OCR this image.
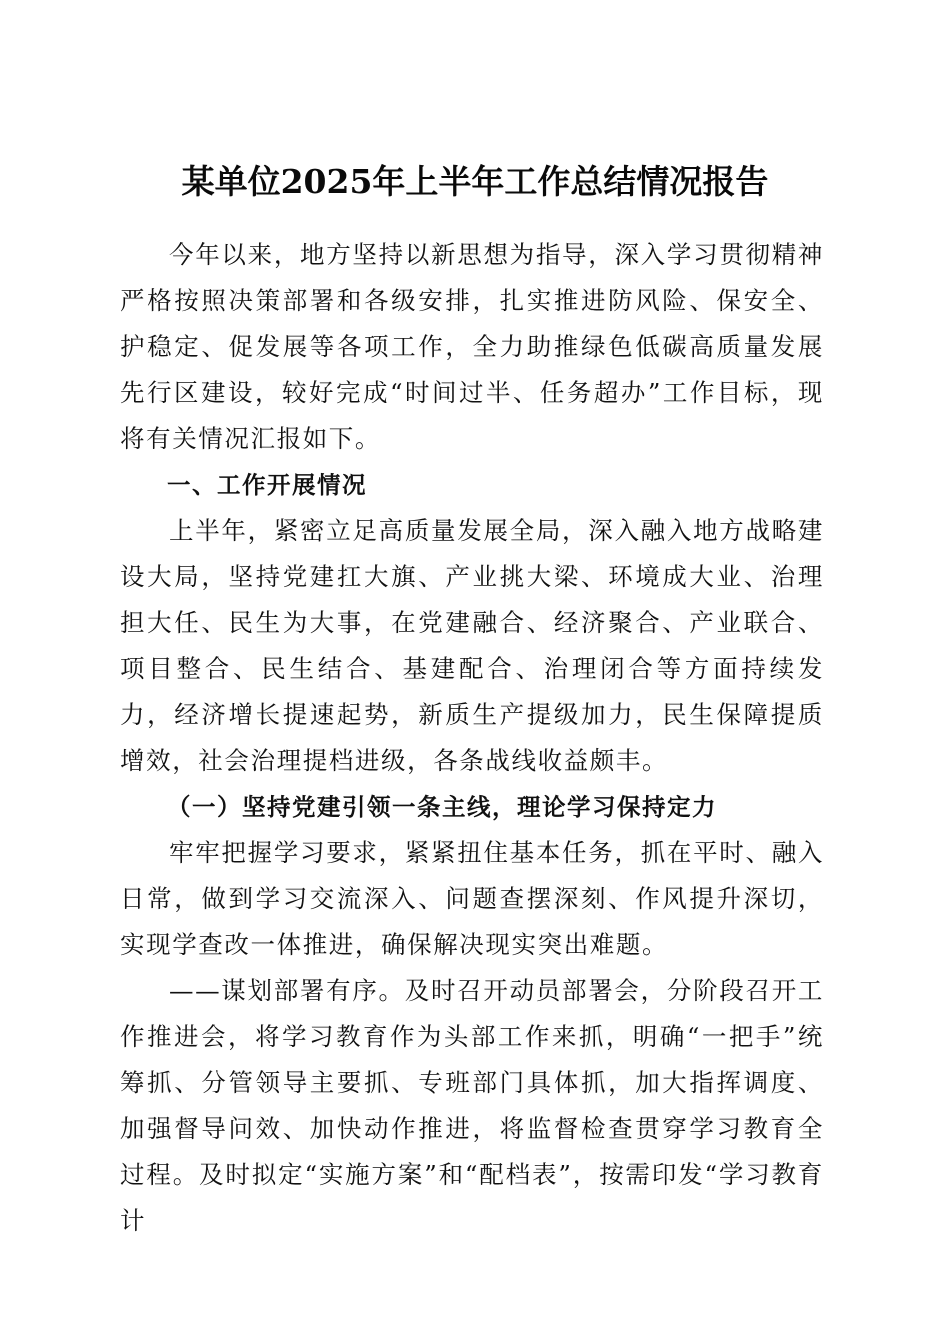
某单位2025年上半年工作总结情况报告

今年以来，地方坚持以新思想为指导，深入学习贯彻精神严格按照决策部署和各级安排，扎实推进防风险、保安全、护稳定、促发展等各项工作，全力助推绿色低碳高质量发展先行区建设，较好完成“时间过半、任务超办”工作目标，现将有关情况汇报如下。

一、工作开展情况

上半年，紧密立足高质量发展全局，深入融入地方战略建设大局，坚持党建扛大旗、产业挑大梁、环境成大业、治理担大任、民生为大事，在党建融合、经济聚合、产业联合、项目整合、民生结合、基建配合、治理闭合等方面持续发力，经济增长提速起势，新质生产提级加力，民生保障提质增效，社会治理提档进级，各条战线收益颇丰。

（一）坚持党建引领一条主线，理论学习保持定力

牢牢把握学习要求，紧紧扭住基本任务，抓在平时、融入日常，做到学习交流深入、问题查摆深刻、作风提升深切，实现学查改一体推进，确保解决现实突出难题。

——谋划部署有序。及时召开动员部署会，分阶段召开工作推进会，将学习教育作为头部工作来抓，明确“一把手”统筹抓、分管领导主要抓、专班部门具体抓，加大指挥调度、加强督导问效、加快动作推进，将监督检查贯穿学习教育全过程。及时拟定“实施方案”和“配档表”，按需印发“学习教育计
